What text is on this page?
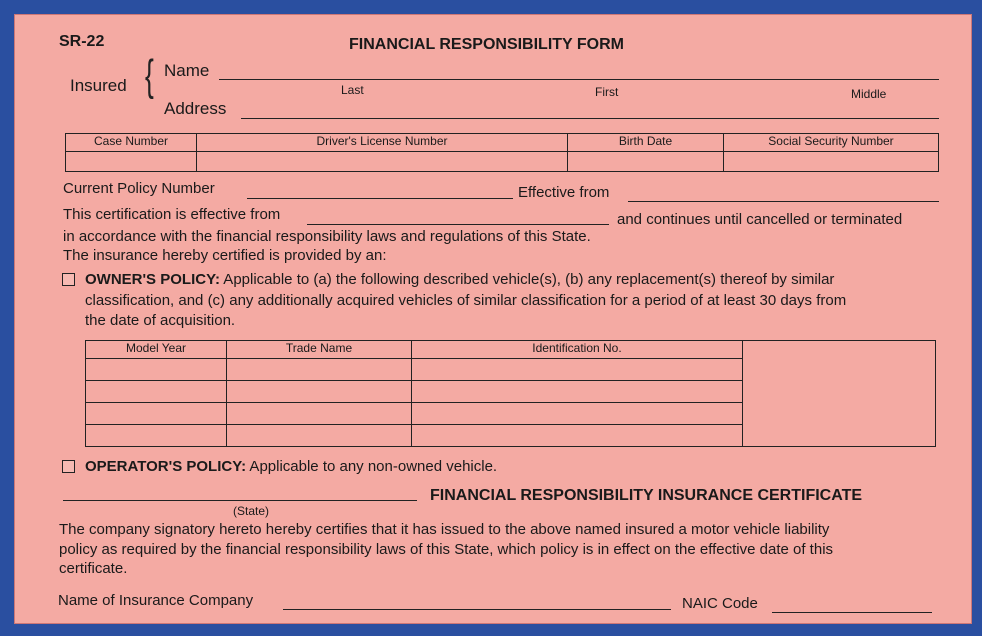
SR-22	FINANCIAL RESPONSIBILITY FORM
Insured { Name
Last	First	Middle
Address
Case Number	Driver's License Number	Birth Date	Social Security Number

Current Policy Number	Effective from
This certification is effective from	and continues until cancelled or terminated
in accordance with the financial responsibility laws and regulations of this State.
The insurance hereby certified is provided by an:
OWNER'S POLICY: Applicable to (a) the following described vehicle(s), (b) any replacement(s) thereof by similar
classification, and (c) any additionally acquired vehicles of similar classification for a period of at least 30 days from
the date of acquisition.
Model Year	Trade Name	Identification No.	

OPERATOR'S POLICY: Applicable to any non-owned vehicle.
(State)
FINANCIAL RESPONSIBILITY INSURANCE CERTIFICATE
The company signatory hereto hereby certifies that it has issued to the above named insured a motor vehicle liability
policy as required by the financial responsibility laws of this State, which policy is in effect on the effective date of this
certificate.
Name of Insurance Company	NAIC Code
